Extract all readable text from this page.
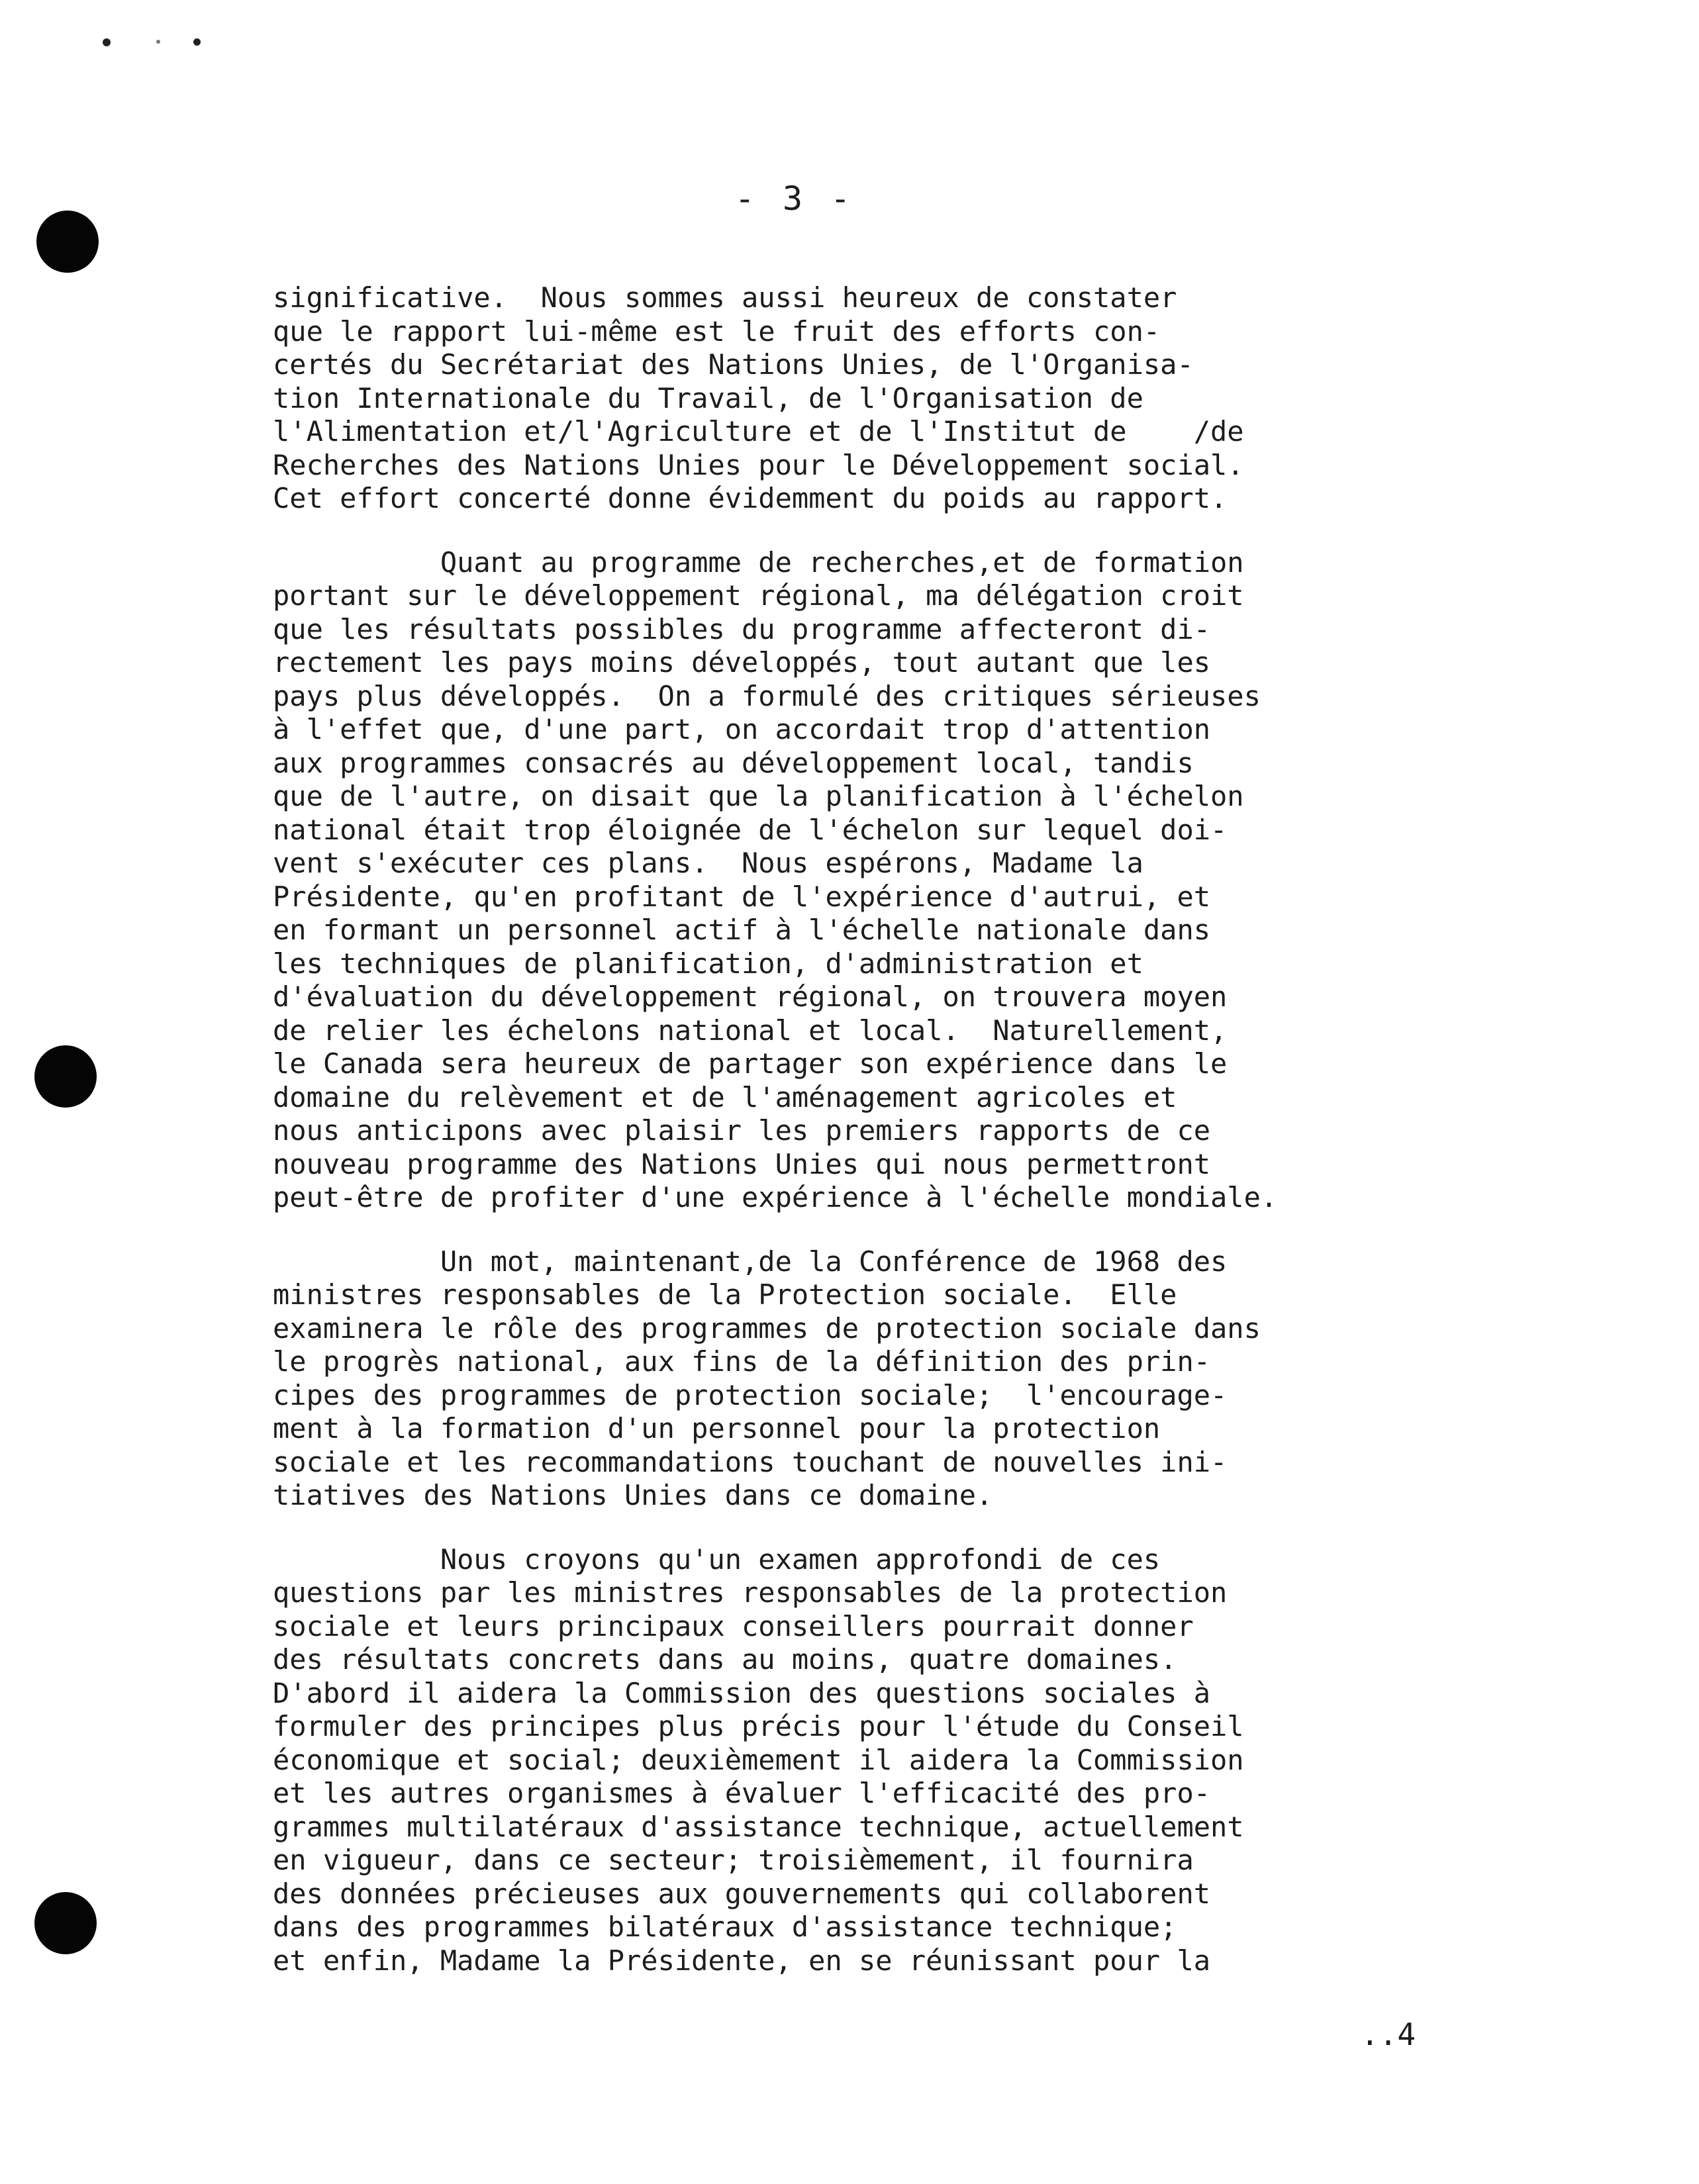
- 3 -

significative.  Nous sommes aussi heureux de constater
que le rapport lui-même est le fruit des efforts con-
certés du Secrétariat des Nations Unies, de l'Organisa-
tion Internationale du Travail, de l'Organisation de
l'Alimentation et/l'Agriculture et de l'Institut de    /de
Recherches des Nations Unies pour le Développement social.
Cet effort concerté donne évidemment du poids au rapport.

Quant au programme de recherches,et de formation
portant sur le développement régional, ma délégation croit
que les résultats possibles du programme affecteront di-
rectement les pays moins développés, tout autant que les
pays plus développés.  On a formulé des critiques sérieuses
à l'effet que, d'une part, on accordait trop d'attention
aux programmes consacrés au développement local, tandis
que de l'autre, on disait que la planification à l'échelon
national était trop éloignée de l'échelon sur lequel doi-
vent s'exécuter ces plans.  Nous espérons, Madame la
Présidente, qu'en profitant de l'expérience d'autrui, et
en formant un personnel actif à l'échelle nationale dans
les techniques de planification, d'administration et
d'évaluation du développement régional, on trouvera moyen
de relier les échelons national et local.  Naturellement,
le Canada sera heureux de partager son expérience dans le
domaine du relèvement et de l'aménagement agricoles et
nous anticipons avec plaisir les premiers rapports de ce
nouveau programme des Nations Unies qui nous permettront
peut-être de profiter d'une expérience à l'échelle mondiale.

Un mot, maintenant,de la Conférence de 1968 des
ministres responsables de la Protection sociale.  Elle
examinera le rôle des programmes de protection sociale dans
le progrès national, aux fins de la définition des prin-
cipes des programmes de protection sociale;  l'encourage-
ment à la formation d'un personnel pour la protection
sociale et les recommandations touchant de nouvelles ini-
tiatives des Nations Unies dans ce domaine.

Nous croyons qu'un examen approfondi de ces
questions par les ministres responsables de la protection
sociale et leurs principaux conseillers pourrait donner
des résultats concrets dans au moins, quatre domaines.
D'abord il aidera la Commission des questions sociales à
formuler des principes plus précis pour l'étude du Conseil
économique et social; deuxièmement il aidera la Commission
et les autres organismes à évaluer l'efficacité des pro-
grammes multilatéraux d'assistance technique, actuellement
en vigueur, dans ce secteur; troisièmement, il fournira
des données précieuses aux gouvernements qui collaborent
dans des programmes bilatéraux d'assistance technique;
et enfin, Madame la Présidente, en se réunissant pour la

..4
